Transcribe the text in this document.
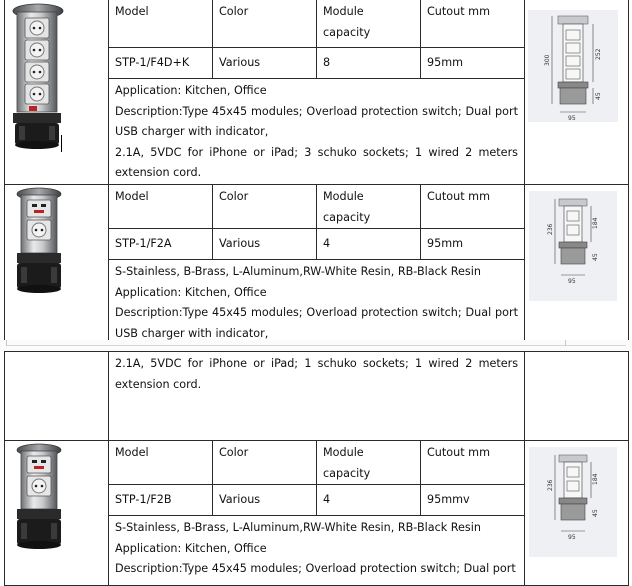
	Model	Color	Module capacity	Cutout mm	300
252
45
95

	STP-1/F4D+K	Various	8	95mm	

	Application: Kitchen, Office
Description:Type 45x45 modules; Overload protection switch; Dual port USB charger with indicator,
2.1A, 5VDC for iPhone or iPad; 3 schuko sockets; 1 wired 2 meters extension cord.				

	Model	Color	Module capacity	Cutout mm	236
184
45
95

	STP-1/F2A	Various	4	95mm	

	S-Stainless, B-Brass, L-Aluminum,RW-White Resin, RB-Black Resin
Application: Kitchen, Office
Description:Type 45x45 modules; Overload protection switch; Dual port USB charger with indicator,				
	2.1A, 5VDC for iPhone or iPad; 1 schuko sockets; 1 wired 2 meters extension cord.				
	Model	Color	Module capacity	Cutout mm	236
184
45
95

	STP-1/F2B	Various	4	95mmv	

	S-Stainless, B-Brass, L-Aluminum,RW-White Resin, RB-Black Resin
Application: Kitchen, Office
Description:Type 45x45 modules; Overload protection switch; Dual port				
